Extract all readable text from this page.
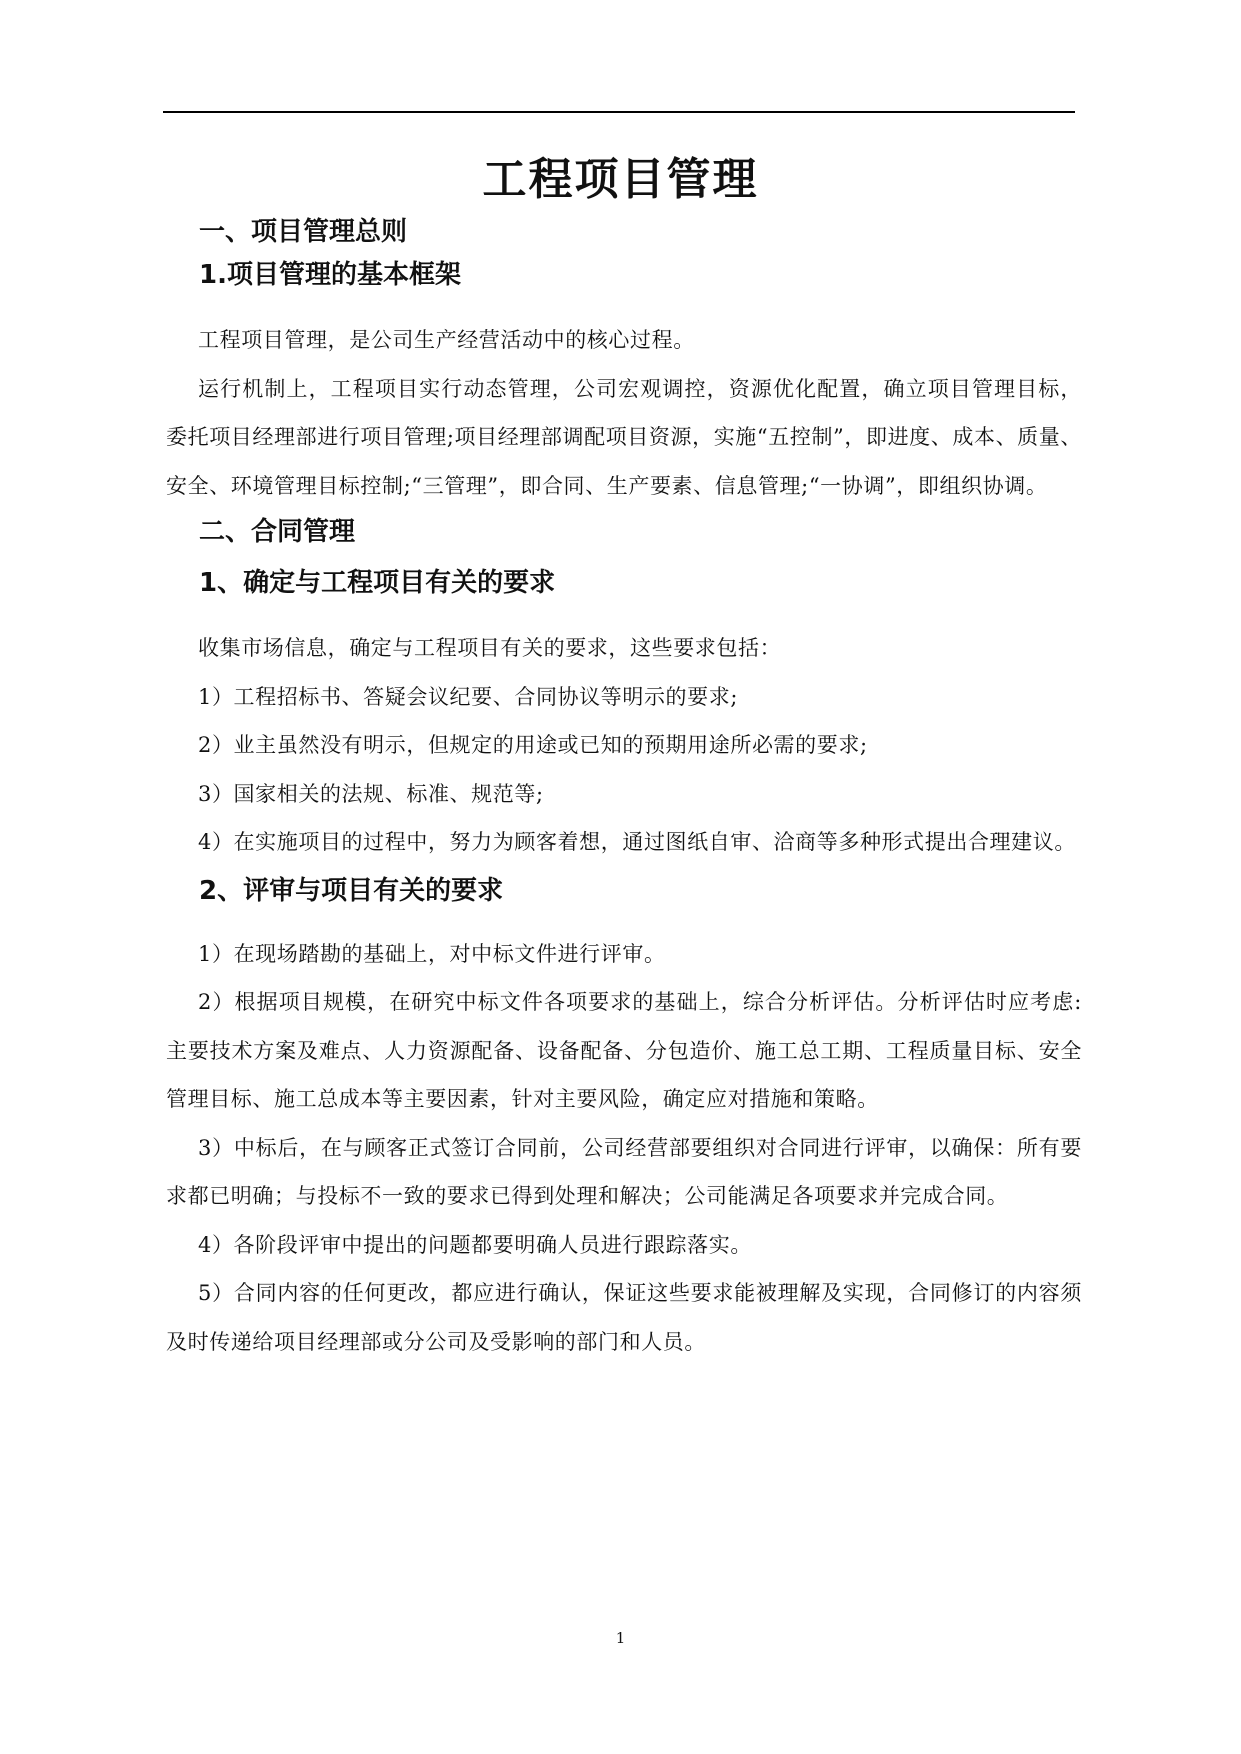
工程项目管理
一、项目管理总则
1.项目管理的基本框架

工程项目管理，是公司生产经营活动中的核心过程。

运行机制上，工程项目实行动态管理，公司宏观调控，资源优化配置，确立项目管理目标，委托项目经理部进行项目管理;项目经理部调配项目资源，实施“五控制”，即进度、成本、质量、安全、环境管理目标控制;“三管理”，即合同、生产要素、信息管理;“一协调”，即组织协调。

二、合同管理
1、确定与工程项目有关的要求

收集市场信息，确定与工程项目有关的要求，这些要求包括：

1）工程招标书、答疑会议纪要、合同协议等明示的要求;

2）业主虽然没有明示，但规定的用途或已知的预期用途所必需的要求;

3）国家相关的法规、标准、规范等;

4）在实施项目的过程中，努力为顾客着想，通过图纸自审、洽商等多种形式提出合理建议。

2、评审与项目有关的要求

1）在现场踏勘的基础上，对中标文件进行评审。

2）根据项目规模，在研究中标文件各项要求的基础上，综合分析评估。分析评估时应考虑:主要技术方案及难点、人力资源配备、设备配备、分包造价、施工总工期、工程质量目标、安全管理目标、施工总成本等主要因素，针对主要风险，确定应对措施和策略。

3）中标后，在与顾客正式签订合同前，公司经营部要组织对合同进行评审，以确保：所有要求都已明确；与投标不一致的要求已得到处理和解决；公司能满足各项要求并完成合同。

4）各阶段评审中提出的问题都要明确人员进行跟踪落实。

5）合同内容的任何更改，都应进行确认，保证这些要求能被理解及实现，合同修订的内容须及时传递给项目经理部或分公司及受影响的部门和人员。

1
